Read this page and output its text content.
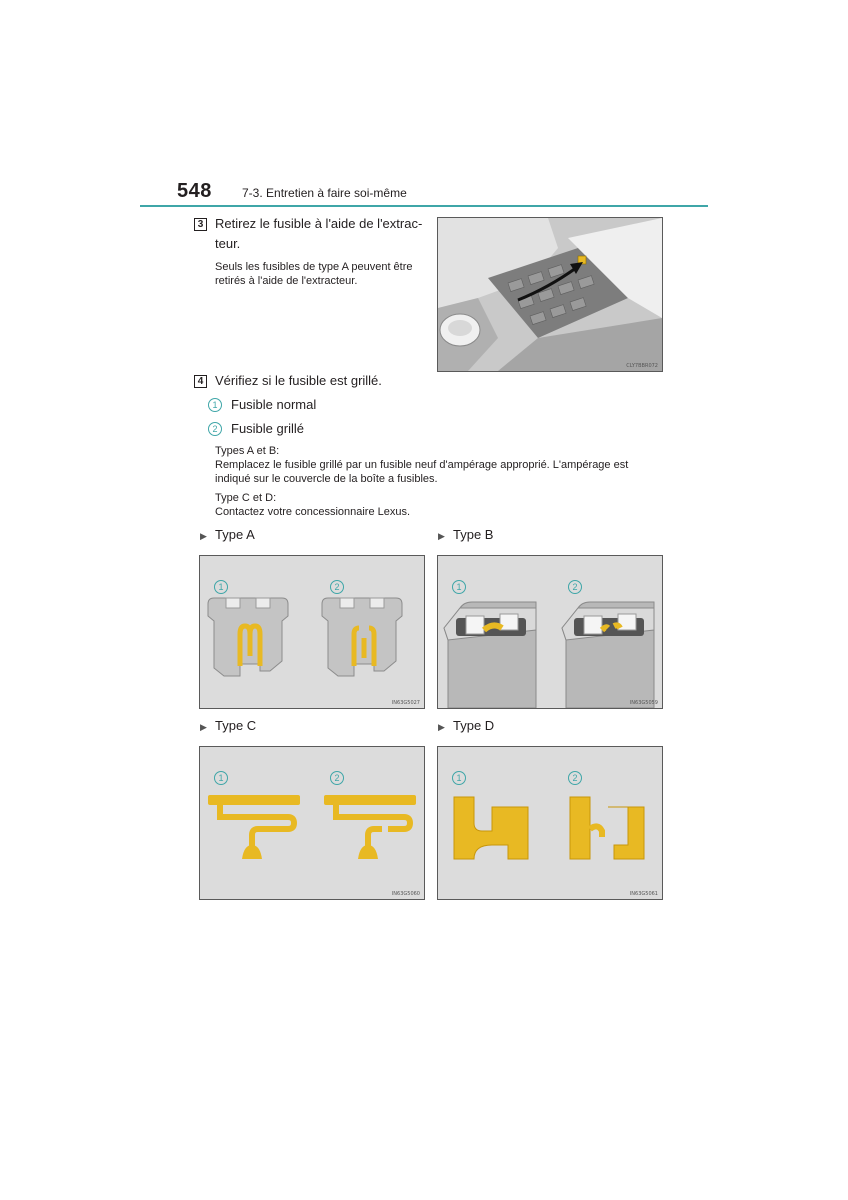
548	7-3. Entretien à faire soi-même
3 Retirez le fusible à l'aide de l'extrac-
teur.
Seuls les fusibles de type A peuvent être
retirés à l'aide de l'extracteur.
CLY7BBR072
4 Vérifiez si le fusible est grillé.
1	Fusible normal
2	Fusible grillé
Types A et B:
Remplacez le fusible grillé par un fusible neuf d'ampérage approprié. L'ampérage est
indiqué sur le couvercle de la boîte a fusibles.
Type C et D:
Contactez votre concessionnaire Lexus.
▶ Type A	▶ Type B
▶ Type C	▶ Type D
1	2
IN63G5027
1	2
IN63G5059
1	2
IN63G5060
1	2
IN63G5061
